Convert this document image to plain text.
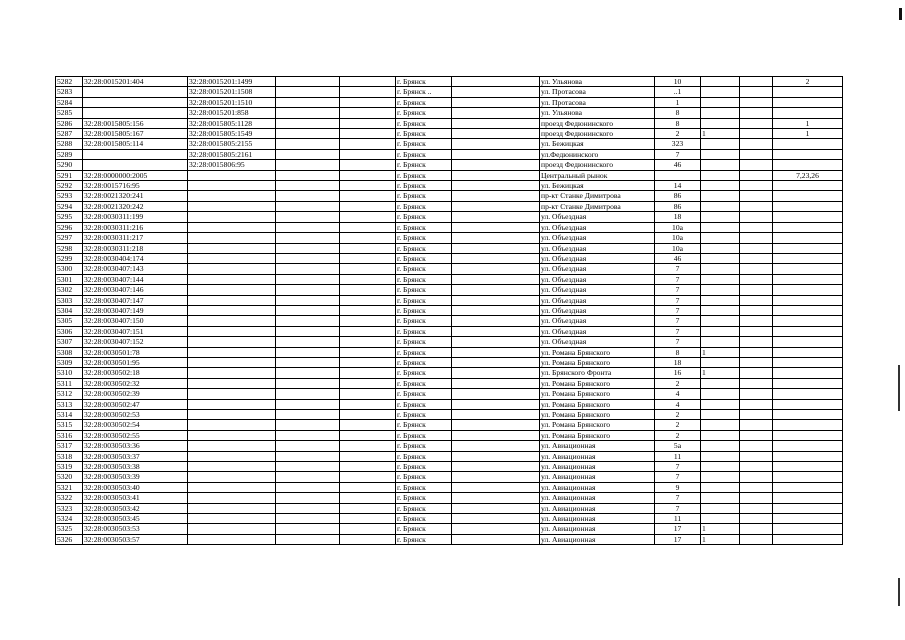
5282	32:28:0015201:404	32:28:0015201:1499			г. Брянск		ул. Ульянова	10			2
5283		32:28:0015201:1508			г. Брянск ..		ул. Протасова	..1			
5284		32:28:0015201:1510			г. Брянск		ул. Протасова	1			
5285		32:28:0015201:858			г. Брянск		ул. Ульянова	8			
5286	32:28:0015805:156	32:28:0015805:1128			г. Брянск		проезд Федюнинского	8			1
5287	32:28:0015805:167	32:28:0015805:1549			г. Брянск		проезд Федюнинского	2	1		1
5288	32:28:0015805:114	32:28:0015805:2155			г. Брянск		ул. Бежицкая	323			
5289		32:28:0015805:2161			г. Брянск		ул.Федюнинского	7			
5290		32:28:0015806:95			г. Брянск		проезд Федюнинского	46			
5291	32:28:0000000:2005				г. Брянск		Центральный рынок				7,23,26
5292	32:28:0015716:95				г. Брянск		ул. Бежицкая	14			
5293	32:28:0021320:241				г. Брянск		пр-кт Станке Димитрова	86			
5294	32:28:0021320:242				г. Брянск		пр-кт Станке Димитрова	86			
5295	32:28:0030311:199				г. Брянск		ул. Объездная	18			
5296	32:28:0030311:216				г. Брянск		ул. Объездная	10а			
5297	32:28:0030311:217				г. Брянск		ул. Объездная	10а			
5298	32:28:0030311:218				г. Брянск		ул. Объездная	10а			
5299	32:28:0030404:174				г. Брянск		ул. Объездная	46			
5300	32:28:0030407:143				г. Брянск		ул. Объездная	7			
5301	32:28:0030407:144				г. Брянск		ул. Объездная	7			
5302	32:28:0030407:146				г. Брянск		ул. Объездная	7			
5303	32:28:0030407:147				г. Брянск		ул. Объездная	7			
5304	32:28:0030407:149				г. Брянск		ул. Объездная	7			
5305	32:28:0030407:150				г. Брянск		ул. Объездная	7			
5306	32:28:0030407:151				г. Брянск		ул. Объездная	7			
5307	32:28:0030407:152				г. Брянск		ул. Объездная	7			
5308	32:28:0030501:78				г. Брянск		ул. Романа Брянского	8	1		
5309	32:28:0030501:95				г. Брянск		ул. Романа Брянского	18			
5310	32:28:0030502:18				г. Брянск		ул. Брянского Фронта	16	1		
5311	32:28:0030502:32				г. Брянск		ул. Романа Брянского	2			
5312	32:28:0030502:39				г. Брянск		ул. Романа Брянского	4			
5313	32:28:0030502:47				г. Брянск		ул. Романа Брянского	4			
5314	32:28:0030502:53				г. Брянск		ул. Романа Брянского	2			
5315	32:28:0030502:54				г. Брянск		ул. Романа Брянского	2			
5316	32:28:0030502:55				г. Брянск		ул. Романа Брянского	2			
5317	32:28:0030503:36				г. Брянск		ул. Авиационная	5а			
5318	32:28:0030503:37				г. Брянск		ул. Авиационная	11			
5319	32:28:0030503:38				г. Брянск		ул. Авиационная	7			
5320	32:28:0030503:39				г. Брянск		ул. Авиационная	7			
5321	32:28:0030503:40				г. Брянск		ул. Авиационная	9			
5322	32:28:0030503:41				г. Брянск		ул. Авиационная	7			
5323	32:28:0030503:42				г. Брянск		ул. Авиационная	7			
5324	32:28:0030503:45				г. Брянск		ул. Авиационная	11			
5325	32:28:0030503:53				г. Брянск		ул. Авиационная	17	1		
5326	32:28:0030503:57				г. Брянск		ул. Авиационная	17	1		
